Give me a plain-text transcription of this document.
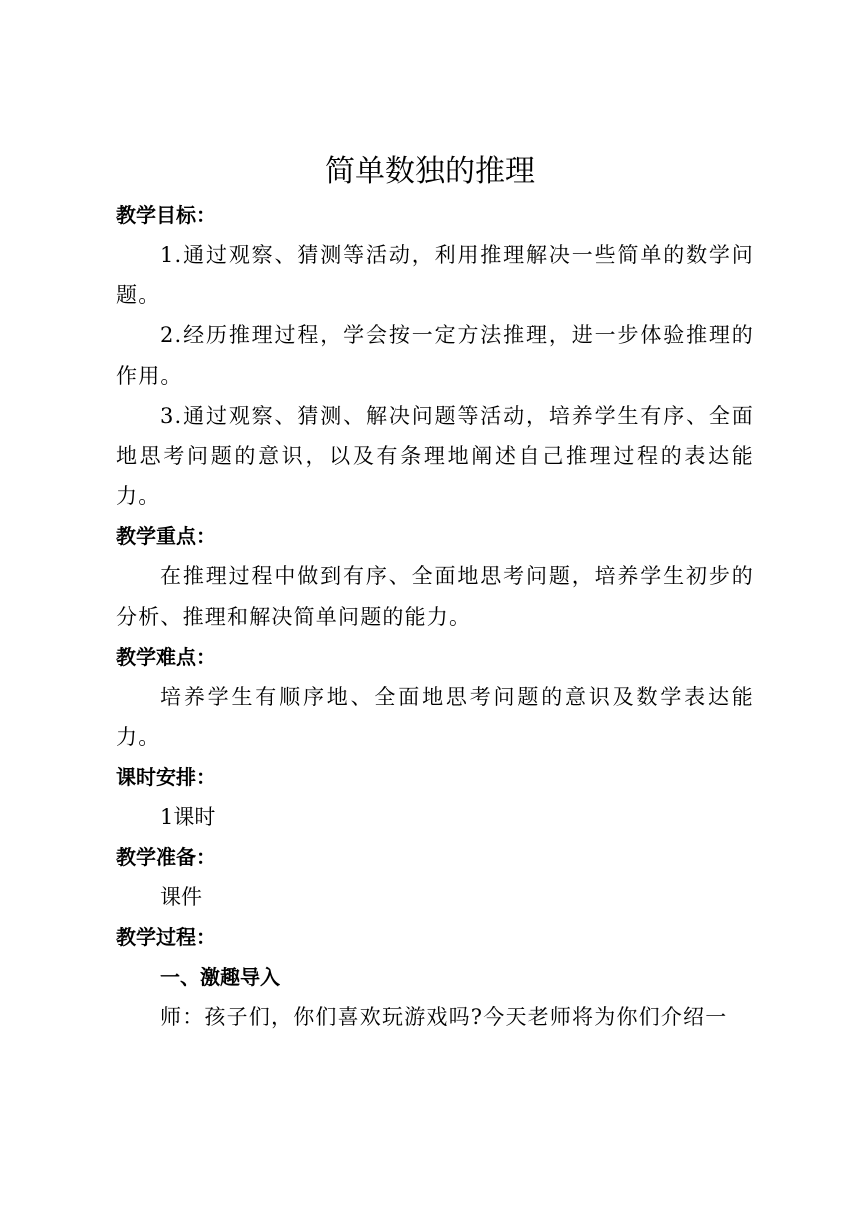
简单数独的推理
教学目标：

1.通过观察、猜测等活动，利用推理解决一些简单的数学问题。

2.经历推理过程，学会按一定方法推理，进一步体验推理的作用。

3.通过观察、猜测、解决问题等活动，培养学生有序、全面地思考问题的意识，以及有条理地阐述自己推理过程的表达能力。

教学重点：

在推理过程中做到有序、全面地思考问题，培养学生初步的分析、推理和解决简单问题的能力。

教学难点：

培养学生有顺序地、全面地思考问题的意识及数学表达能力。

课时安排：

1课时

教学准备：

课件

教学过程：

一、激趣导入

师：孩子们，你们喜欢玩游戏吗?今天老师将为你们介绍一
